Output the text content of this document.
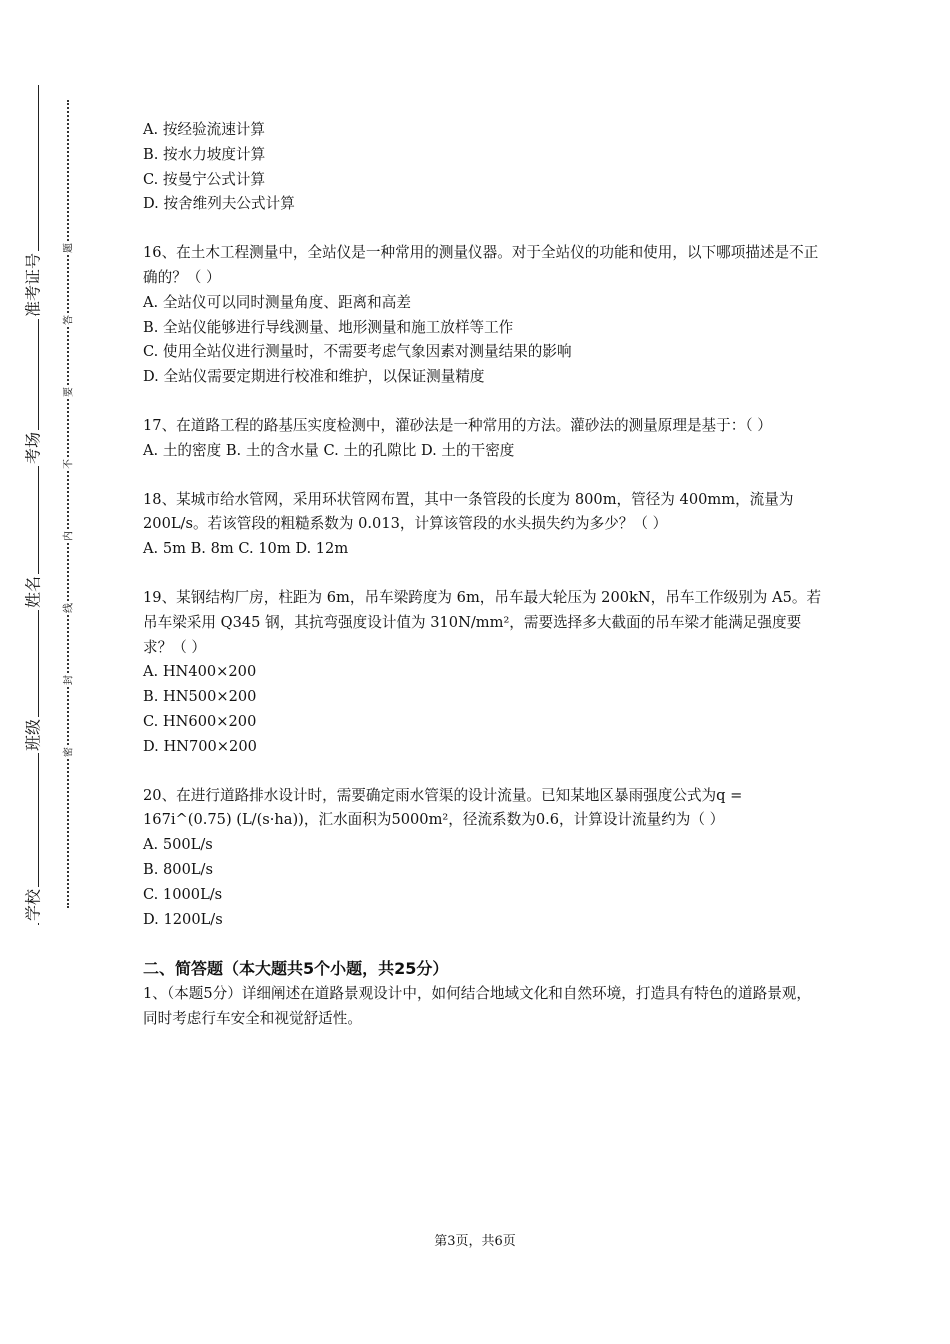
学校
班级
姓名
考场
准考证号
密
封
线
内
不
要
答
题

A. 按经验流速计算

B. 按水力坡度计算

C. 按曼宁公式计算

D. 按舍维列夫公式计算

16、在土木工程测量中，全站仪是一种常用的测量仪器。对于全站仪的功能和使用，以下哪项描述是不正确的？（ ）

A. 全站仪可以同时测量角度、距离和高差

B. 全站仪能够进行导线测量、地形测量和施工放样等工作

C. 使用全站仪进行测量时，不需要考虑气象因素对测量结果的影响

D. 全站仪需要定期进行校准和维护，以保证测量精度

17、在道路工程的路基压实度检测中，灌砂法是一种常用的方法。灌砂法的测量原理是基于：（ ）

A. 土的密度 B. 土的含水量 C. 土的孔隙比 D. 土的干密度

18、某城市给水管网，采用环状管网布置，其中一条管段的长度为 800m，管径为 400mm，流量为 200L/s。若该管段的粗糙系数为 0.013，计算该管段的水头损失约为多少？（ ）

A. 5m B. 8m C. 10m D. 12m

19、某钢结构厂房，柱距为 6m，吊车梁跨度为 6m，吊车最大轮压为 200kN，吊车工作级别为 A5。若吊车梁采用 Q345 钢，其抗弯强度设计值为 310N/mm²，需要选择多大截面的吊车梁才能满足强度要求？（ ）

A. HN400×200

B. HN500×200

C. HN600×200

D. HN700×200

20、在进行道路排水设计时，需要确定雨水管渠的设计流量。已知某地区暴雨强度公式为q = 167i^(0.75) (L/(s·ha))，汇水面积为5000m²，径流系数为0.6，计算设计流量约为（ ）

A. 500L/s

B. 800L/s

C. 1000L/s

D. 1200L/s

二、简答题（本大题共5个小题，共25分）

1、（本题5分）详细阐述在道路景观设计中，如何结合地域文化和自然环境，打造具有特色的道路景观，同时考虑行车安全和视觉舒适性。

第3页，共6页
